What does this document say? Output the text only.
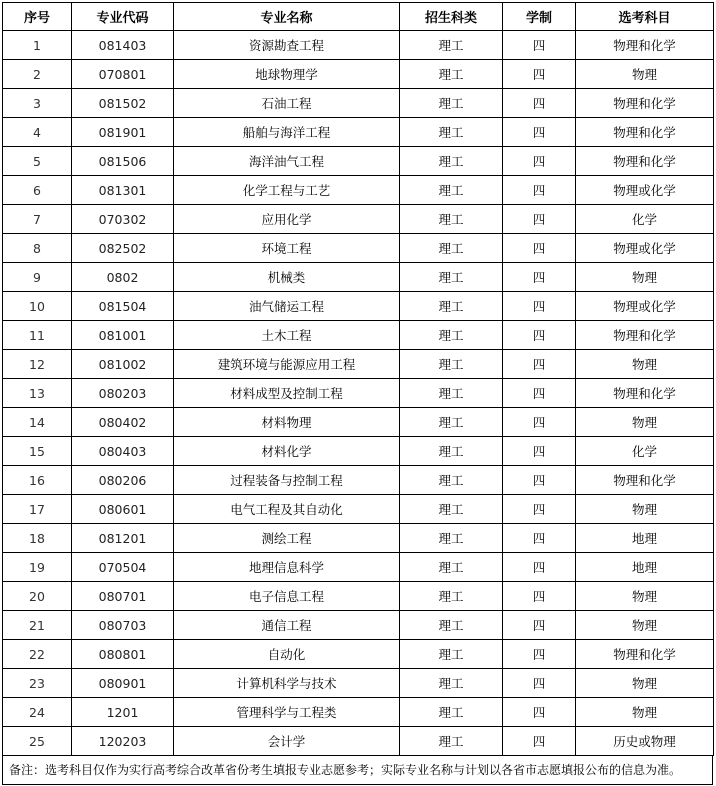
序号	专业代码	专业名称	招生科类	学制	选考科目
1	081403	资源勘查工程	理工	四	物理和化学
2	070801	地球物理学	理工	四	物理
3	081502	石油工程	理工	四	物理和化学
4	081901	船舶与海洋工程	理工	四	物理和化学
5	081506	海洋油气工程	理工	四	物理和化学
6	081301	化学工程与工艺	理工	四	物理或化学
7	070302	应用化学	理工	四	化学
8	082502	环境工程	理工	四	物理或化学
9	0802	机械类	理工	四	物理
10	081504	油气储运工程	理工	四	物理或化学
11	081001	土木工程	理工	四	物理和化学
12	081002	建筑环境与能源应用工程	理工	四	物理
13	080203	材料成型及控制工程	理工	四	物理和化学
14	080402	材料物理	理工	四	物理
15	080403	材料化学	理工	四	化学
16	080206	过程装备与控制工程	理工	四	物理和化学
17	080601	电气工程及其自动化	理工	四	物理
18	081201	测绘工程	理工	四	地理
19	070504	地理信息科学	理工	四	地理
20	080701	电子信息工程	理工	四	物理
21	080703	通信工程	理工	四	物理
22	080801	自动化	理工	四	物理和化学
23	080901	计算机科学与技术	理工	四	物理
24	1201	管理科学与工程类	理工	四	物理
25	120203	会计学	理工	四	历史或物理
备注：选考科目仅作为实行高考综合改革省份考生填报专业志愿参考；实际专业名称与计划以各省市志愿填报公布的信息为准。
